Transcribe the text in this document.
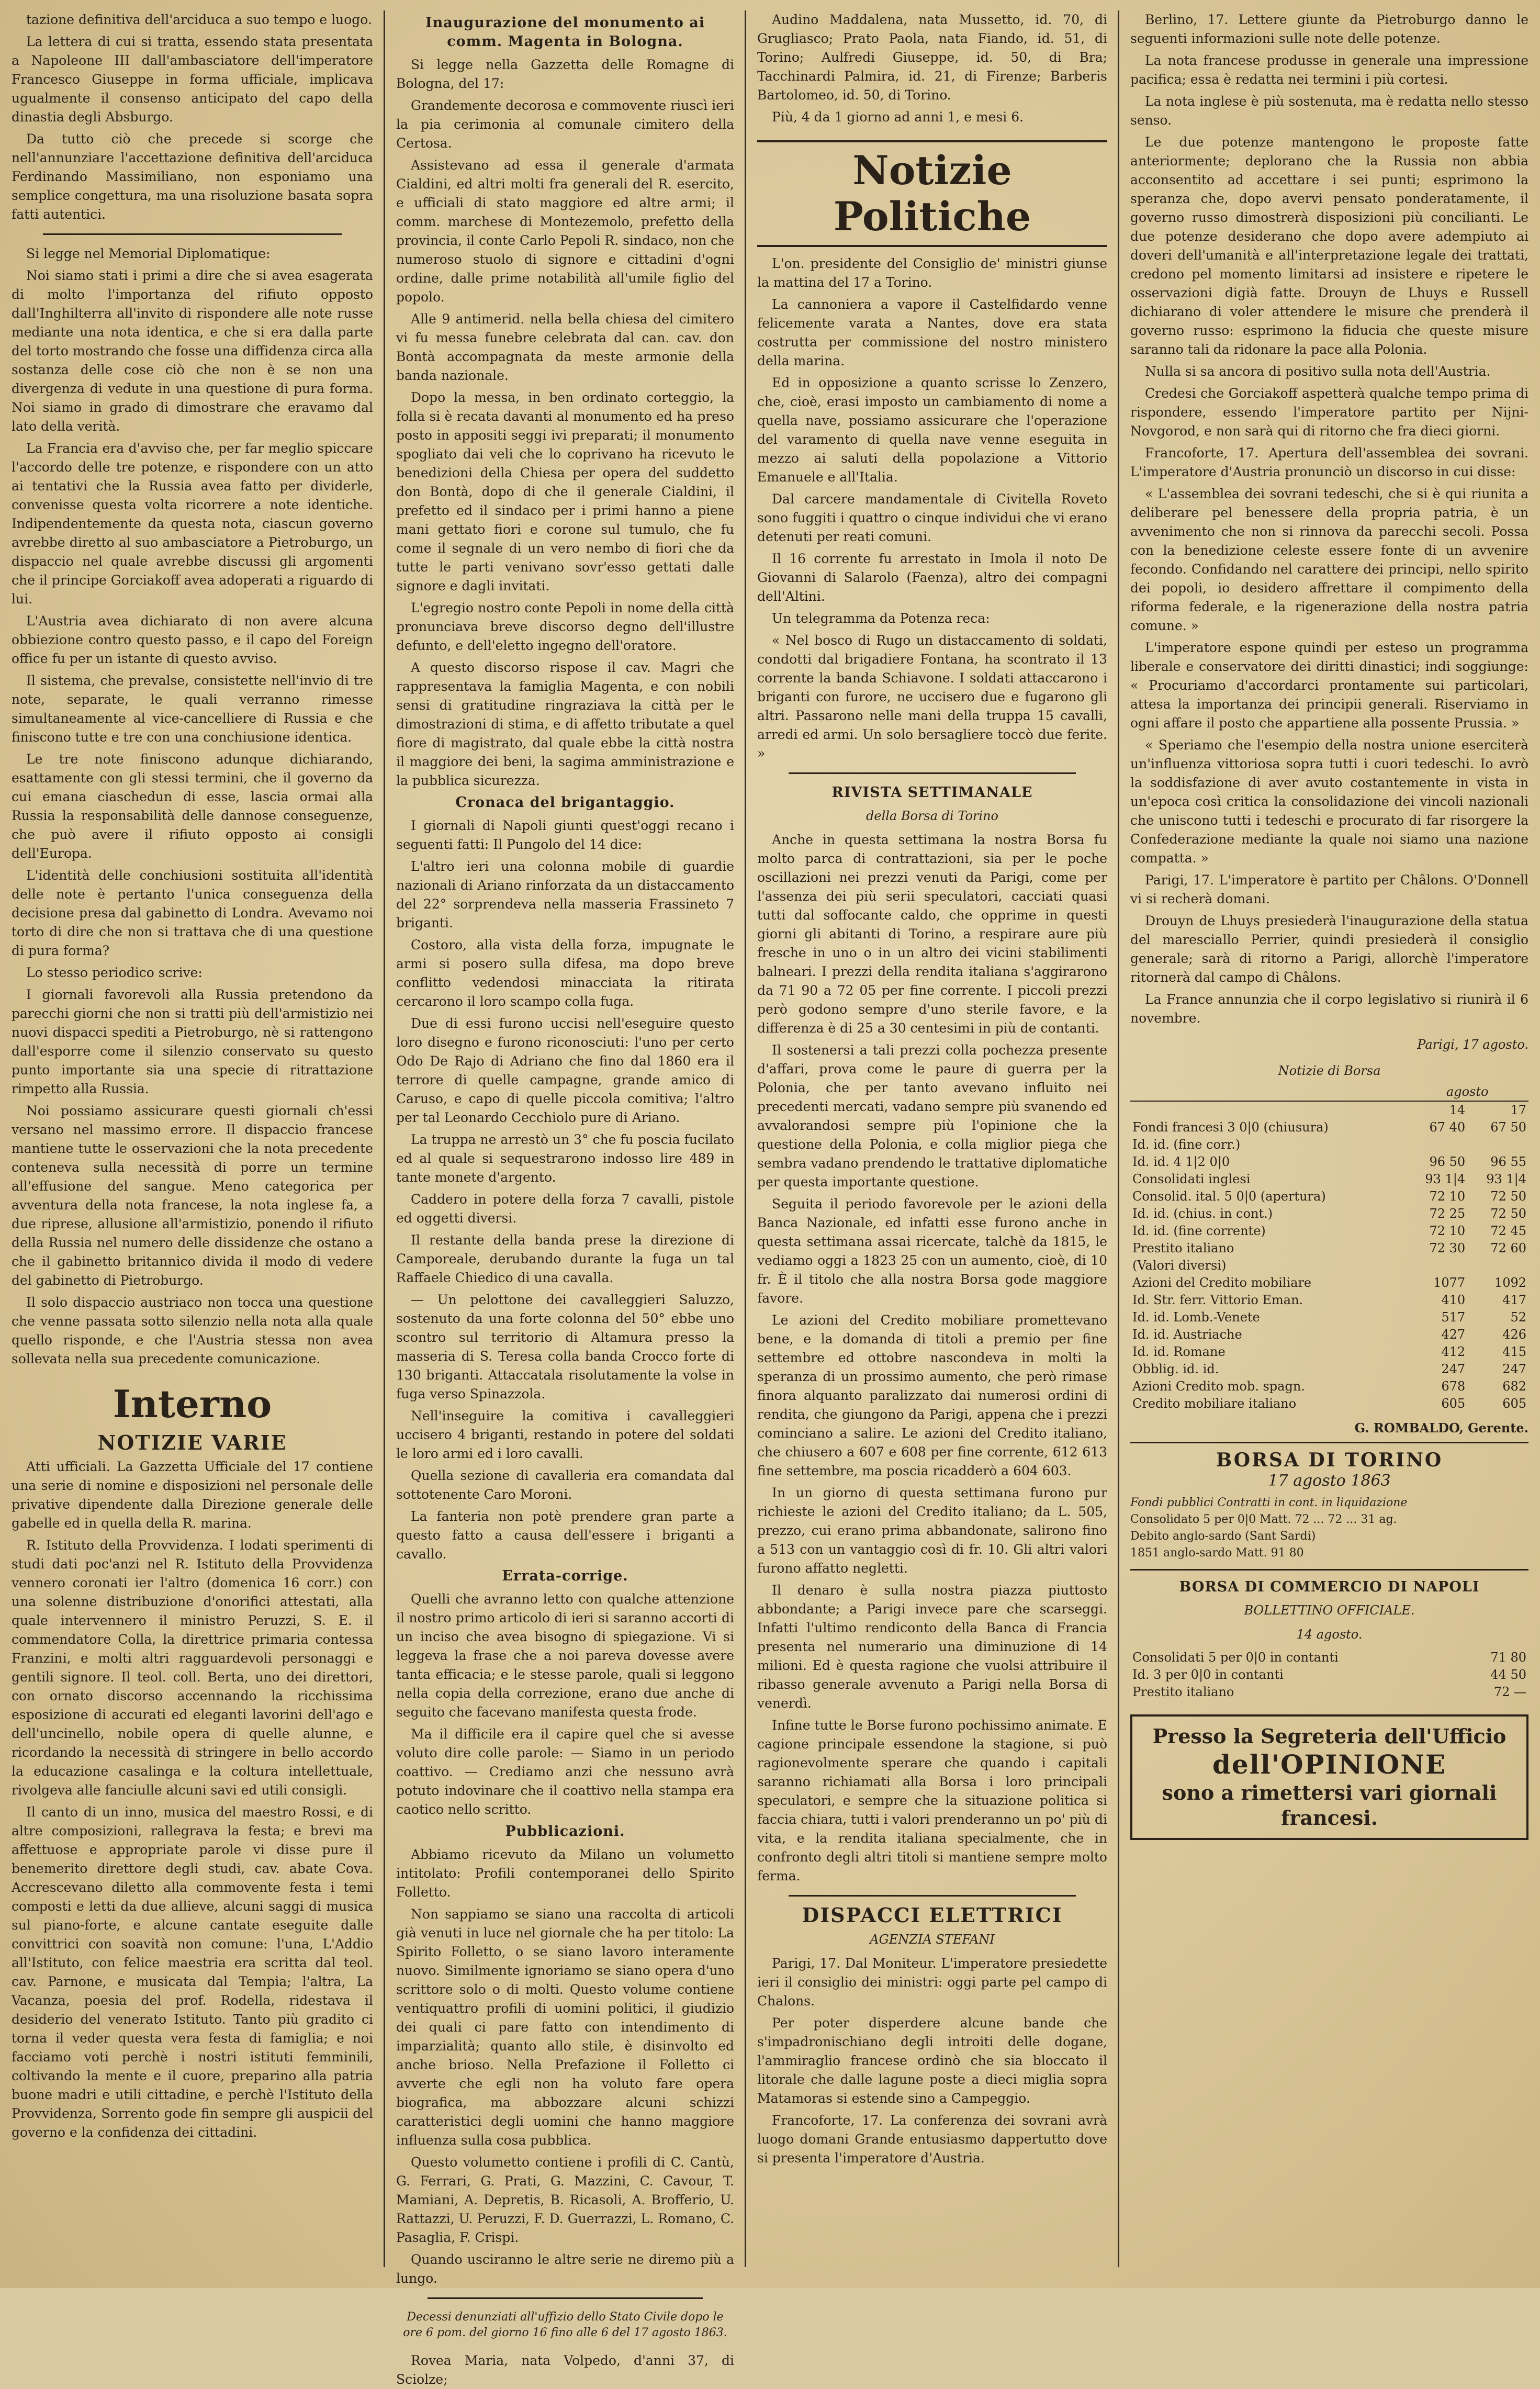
tazione definitiva dell'arciduca a suo tempo e luogo.

La lettera di cui si tratta, essendo stata presentata a Napoleone III dall'ambasciatore dell'imperatore Francesco Giuseppe in forma ufficiale, implicava ugualmente il consenso anticipato del capo della dinastia degli Absburgo.

Da tutto ciò che precede si scorge che nell'annunziare l'accettazione definitiva dell'arciduca Ferdinando Massimiliano, non esponiamo una semplice congettura, ma una risoluzione basata sopra fatti autentici.

Si legge nel Memorial Diplomatique:

Noi siamo stati i primi a dire che si avea esagerata di molto l'importanza del rifiuto opposto dall'Inghilterra all'invito di rispondere alle note russe mediante una nota identica, e che si era dalla parte del torto mostrando che fosse una diffidenza circa alla sostanza delle cose ciò che non è se non una divergenza di vedute in una questione di pura forma. Noi siamo in grado di dimostrare che eravamo dal lato della verità.

La Francia era d'avviso che, per far meglio spiccare l'accordo delle tre potenze, e rispondere con un atto ai tentativi che la Russia avea fatto per dividerle, convenisse questa volta ricorrere a note identiche. Indipendentemente da questa nota, ciascun governo avrebbe diretto al suo ambasciatore a Pietroburgo, un dispaccio nel quale avrebbe discussi gli argomenti che il principe Gorciakoff avea adoperati a riguardo di lui.

L'Austria avea dichiarato di non avere alcuna obbiezione contro questo passo, e il capo del Foreign office fu per un istante di questo avviso.

Il sistema, che prevalse, consistette nell'invio di tre note, separate, le quali verranno rimesse simultaneamente al vice-cancelliere di Russia e che finiscono tutte e tre con una conchiusione identica.

Le tre note finiscono adunque dichiarando, esattamente con gli stessi termini, che il governo da cui emana ciaschedun di esse, lascia ormai alla Russia la responsabilità delle dannose conseguenze, che può avere il rifiuto opposto ai consigli dell'Europa.

L'identità delle conchiusioni sostituita all'identità delle note è pertanto l'unica conseguenza della decisione presa dal gabinetto di Londra. Avevamo noi torto di dire che non si trattava che di una questione di pura forma?

Lo stesso periodico scrive:

I giornali favorevoli alla Russia pretendono da parecchi giorni che non si tratti più dell'armistizio nei nuovi dispacci spediti a Pietroburgo, nè si rattengono dall'esporre come il silenzio conservato su questo punto importante sia una specie di ritrattazione rimpetto alla Russia.

Noi possiamo assicurare questi giornali ch'essi versano nel massimo errore. Il dispaccio francese mantiene tutte le osservazioni che la nota precedente conteneva sulla necessità di porre un termine all'effusione del sangue. Meno categorica per avventura della nota francese, la nota inglese fa, a due riprese, allusione all'armistizio, ponendo il rifiuto della Russia nel numero delle dissidenze che ostano a che il gabinetto britannico divida il modo di vedere del gabinetto di Pietroburgo.

Il solo dispaccio austriaco non tocca una questione che venne passata sotto silenzio nella nota alla quale quello risponde, e che l'Austria stessa non avea sollevata nella sua precedente comunicazione.

Interno
NOTIZIE VARIE

Atti ufficiali. La Gazzetta Ufficiale del 17 contiene una serie di nomine e disposizioni nel personale delle privative dipendente dalla Direzione generale delle gabelle ed in quella della R. marina.

R. Istituto della Provvidenza. I lodati sperimenti di studi dati poc'anzi nel R. Istituto della Provvidenza vennero coronati ier l'altro (domenica 16 corr.) con una solenne distribuzione d'onorifici attestati, alla quale intervennero il ministro Peruzzi, S. E. il commendatore Colla, la direttrice primaria contessa Franzini, e molti altri ragguardevoli personaggi e gentili signore. Il teol. coll. Berta, uno dei direttori, con ornato discorso accennando la ricchissima esposizione di accurati ed eleganti lavorini dell'ago e dell'uncinello, nobile opera di quelle alunne, e ricordando la necessità di stringere in bello accordo la educazione casalinga e la coltura intellettuale, rivolgeva alle fanciulle alcuni savi ed utili consigli.

Il canto di un inno, musica del maestro Rossi, e di altre composizioni, rallegrava la festa; e brevi ma affettuose e appropriate parole vi disse pure il benemerito direttore degli studi, cav. abate Cova. Accrescevano diletto alla commovente festa i temi composti e letti da due allieve, alcuni saggi di musica sul piano-forte, e alcune cantate eseguite dalle convittrici con soavità non comune: l'una, L'Addio all'Istituto, con felice maestria era scritta dal teol. cav. Parnone, e musicata dal Tempia; l'altra, La Vacanza, poesia del prof. Rodella, ridestava il desiderio del venerato Istituto. Tanto più gradito ci torna il veder questa vera festa di famiglia; e noi facciamo voti perchè i nostri istituti femminili, coltivando la mente e il cuore, preparino alla patria buone madri e utili cittadine, e perchè l'Istituto della Provvidenza, Sorrento gode fin sempre gli auspicii del governo e la confidenza dei cittadini.

Inaugurazione del monumento ai comm. Magenta in Bologna.

Si legge nella Gazzetta delle Romagne di Bologna, del 17:

Grandemente decorosa e commovente riuscì ieri la pia cerimonia al comunale cimitero della Certosa.

Assistevano ad essa il generale d'armata Cialdini, ed altri molti fra generali del R. esercito, e ufficiali di stato maggiore ed altre armi; il comm. marchese di Montezemolo, prefetto della provincia, il conte Carlo Pepoli R. sindaco, non che numeroso stuolo di signore e cittadini d'ogni ordine, dalle prime notabilità all'umile figlio del popolo.

Alle 9 antimerid. nella bella chiesa del cimitero vi fu messa funebre celebrata dal can. cav. don Bontà accompagnata da meste armonie della banda nazionale.

Dopo la messa, in ben ordinato corteggio, la folla si è recata davanti al monumento ed ha preso posto in appositi seggi ivi preparati; il monumento spogliato dai veli che lo coprivano ha ricevuto le benedizioni della Chiesa per opera del suddetto don Bontà, dopo di che il generale Cialdini, il prefetto ed il sindaco per i primi hanno a piene mani gettato fiori e corone sul tumulo, che fu come il segnale di un vero nembo di fiori che da tutte le parti venivano sovr'esso gettati dalle signore e dagli invitati.

L'egregio nostro conte Pepoli in nome della città pronunciava breve discorso degno dell'illustre defunto, e dell'eletto ingegno dell'oratore.

A questo discorso rispose il cav. Magri che rappresentava la famiglia Magenta, e con nobili sensi di gratitudine ringraziava la città per le dimostrazioni di stima, e di affetto tributate a quel fiore di magistrato, dal quale ebbe la città nostra il maggiore dei beni, la sagima amministrazione e la pubblica sicurezza.

Cronaca del brigantaggio.

I giornali di Napoli giunti quest'oggi recano i seguenti fatti: Il Pungolo del 14 dice:

L'altro ieri una colonna mobile di guardie nazionali di Ariano rinforzata da un distaccamento del 22° sorprendeva nella masseria Frassineto 7 briganti.

Costoro, alla vista della forza, impugnate le armi si posero sulla difesa, ma dopo breve conflitto vedendosi minacciata la ritirata cercarono il loro scampo colla fuga.

Due di essi furono uccisi nell'eseguire questo loro disegno e furono riconosciuti: l'uno per certo Odo De Rajo di Adriano che fino dal 1860 era il terrore di quelle campagne, grande amico di Caruso, e capo di quelle piccola comitiva; l'altro per tal Leonardo Cecchiolo pure di Ariano.

La truppa ne arrestò un 3° che fu poscia fucilato ed al quale si sequestrarono indosso lire 489 in tante monete d'argento.

Caddero in potere della forza 7 cavalli, pistole ed oggetti diversi.

Il restante della banda prese la direzione di Camporeale, derubando durante la fuga un tal Raffaele Chiedico di una cavalla.

— Un pelottone dei cavalleggieri Saluzzo, sostenuto da una forte colonna del 50° ebbe uno scontro sul territorio di Altamura presso la masseria di S. Teresa colla banda Crocco forte di 130 briganti. Attaccatala risolutamente la volse in fuga verso Spinazzola.

Nell'inseguire la comitiva i cavalleggieri uccisero 4 briganti, restando in potere del soldati le loro armi ed i loro cavalli.

Quella sezione di cavalleria era comandata dal sottotenente Caro Moroni.

La fanteria non potè prendere gran parte a questo fatto a causa dell'essere i briganti a cavallo.

Errata-corrige.

Quelli che avranno letto con qualche attenzione il nostro primo articolo di ieri si saranno accorti di un inciso che avea bisogno di spiegazione. Vi si leggeva la frase che a noi pareva dovesse avere tanta efficacia; e le stesse parole, quali si leggono nella copia della correzione, erano due anche di seguito che facevano manifesta questa frode.

Ma il difficile era il capire quel che si avesse voluto dire colle parole: — Siamo in un periodo coattivo. — Crediamo anzi che nessuno avrà potuto indovinare che il coattivo nella stampa era caotico nello scritto.

Pubblicazioni.

Abbiamo ricevuto da Milano un volumetto intitolato: Profili contemporanei dello Spirito Folletto.

Non sappiamo se siano una raccolta di articoli già venuti in luce nel giornale che ha per titolo: La Spirito Folletto, o se siano lavoro interamente nuovo. Similmente ignoriamo se siano opera d'uno scrittore solo o di molti. Questo volume contiene ventiquattro profili di uomini politici, il giudizio dei quali ci pare fatto con intendimento di imparzialità; quanto allo stile, è disinvolto ed anche brioso. Nella Prefazione il Folletto ci avverte che egli non ha voluto fare opera biografica, ma abbozzare alcuni schizzi caratteristici degli uomini che hanno maggiore influenza sulla cosa pubblica.

Questo volumetto contiene i profili di C. Cantù, G. Ferrari, G. Prati, G. Mazzini, C. Cavour, T. Mamiani, A. Depretis, B. Ricasoli, A. Brofferio, U. Rattazzi, U. Peruzzi, F. D. Guerrazzi, L. Romano, C. Pasaglia, F. Crispi.

Quando usciranno le altre serie ne diremo più a lungo.

Decessi denunziati all'uffizio dello Stato Civile dopo le ore 6 pom. del giorno 16 fino alle 6 del 17 agosto 1863.

Rovea Maria, nata Volpedo, d'anni 37, di Sciolze;

Audino Maddalena, nata Mussetto, id. 70, di Grugliasco; Prato Paola, nata Fiando, id. 51, di Torino; Aulfredi Giuseppe, id. 50, di Bra; Tacchinardi Palmira, id. 21, di Firenze; Barberis Bartolomeo, id. 50, di Torino.

Più, 4 da 1 giorno ad anni 1, e mesi 6.

Notizie Politiche

L'on. presidente del Consiglio de' ministri giunse la mattina del 17 a Torino.

La cannoniera a vapore il Castelfidardo venne felicemente varata a Nantes, dove era stata costrutta per commissione del nostro ministero della marina.

Ed in opposizione a quanto scrisse lo Zenzero, che, cioè, erasi imposto un cambiamento di nome a quella nave, possiamo assicurare che l'operazione del varamento di quella nave venne eseguita in mezzo ai saluti della popolazione a Vittorio Emanuele e all'Italia.

Dal carcere mandamentale di Civitella Roveto sono fuggiti i quattro o cinque individui che vi erano detenuti per reati comuni.

Il 16 corrente fu arrestato in Imola il noto De Giovanni di Salarolo (Faenza), altro dei compagni dell'Altini.

Un telegramma da Potenza reca:

« Nel bosco di Rugo un distaccamento di soldati, condotti dal brigadiere Fontana, ha scontrato il 13 corrente la banda Schiavone. I soldati attaccarono i briganti con furore, ne uccisero due e fugarono gli altri. Passarono nelle mani della truppa 15 cavalli, arredi ed armi. Un solo bersagliere toccò due ferite. »

RIVISTA SETTIMANALE
della Borsa di Torino

Anche in questa settimana la nostra Borsa fu molto parca di contrattazioni, sia per le poche oscillazioni nei prezzi venuti da Parigi, come per l'assenza dei più serii speculatori, cacciati quasi tutti dal soffocante caldo, che opprime in questi giorni gli abitanti di Torino, a respirare aure più fresche in uno o in un altro dei vicini stabilimenti balneari. I prezzi della rendita italiana s'aggirarono da 71 90 a 72 05 per fine corrente. I piccoli prezzi però godono sempre d'uno sterile favore, e la differenza è di 25 a 30 centesimi in più de contanti.

Il sostenersi a tali prezzi colla pochezza presente d'affari, prova come le paure di guerra per la Polonia, che per tanto avevano influito nei precedenti mercati, vadano sempre più svanendo ed avvalorandosi sempre più l'opinione che la questione della Polonia, e colla miglior piega che sembra vadano prendendo le trattative diplomatiche per questa importante questione.

Seguita il periodo favorevole per le azioni della Banca Nazionale, ed infatti esse furono anche in questa settimana assai ricercate, talchè da 1815, le vediamo oggi a 1823 25 con un aumento, cioè, di 10 fr. È il titolo che alla nostra Borsa gode maggiore favore.

Le azioni del Credito mobiliare promettevano bene, e la domanda di titoli a premio per fine settembre ed ottobre nascondeva in molti la speranza di un prossimo aumento, che però rimase finora alquanto paralizzato dai numerosi ordini di rendita, che giungono da Parigi, appena che i prezzi cominciano a salire. Le azioni del Credito italiano, che chiusero a 607 e 608 per fine corrente, 612 613 fine settembre, ma poscia ricadderò a 604 603.

In un giorno di questa settimana furono pur richieste le azioni del Credito italiano; da L. 505, prezzo, cui erano prima abbandonate, salirono fino a 513 con un vantaggio così di fr. 10. Gli altri valori furono affatto negletti.

Il denaro è sulla nostra piazza piuttosto abbondante; a Parigi invece pare che scarseggi. Infatti l'ultimo rendiconto della Banca di Francia presenta nel numerario una diminuzione di 14 milioni. Ed è questa ragione che vuolsi attribuire il ribasso generale avvenuto a Parigi nella Borsa di venerdì.

Infine tutte le Borse furono pochissimo animate. E cagione principale essendone la stagione, si può ragionevolmente sperare che quando i capitali saranno richiamati alla Borsa i loro principali speculatori, e sempre che la situazione politica si faccia chiara, tutti i valori prenderanno un po' più di vita, e la rendita italiana specialmente, che in confronto degli altri titoli si mantiene sempre molto ferma.

DISPACCI ELETTRICI
AGENZIA STEFANI

Parigi, 17. Dal Moniteur. L'imperatore presiedette ieri il consiglio dei ministri: oggi parte pel campo di Chalons.

Per poter disperdere alcune bande che s'impadronischiano degli introiti delle dogane, l'ammiraglio francese ordinò che sia bloccato il litorale che dalle lagune poste a dieci miglia sopra Matamoras si estende sino a Campeggio.

Francoforte, 17. La conferenza dei sovrani avrà luogo domani Grande entusiasmo dappertutto dove si presenta l'imperatore d'Austria.

Berlino, 17. Lettere giunte da Pietroburgo danno le seguenti informazioni sulle note delle potenze.

La nota francese produsse in generale una impressione pacifica; essa è redatta nei termini i più cortesi.

La nota inglese è più sostenuta, ma è redatta nello stesso senso.

Le due potenze mantengono le proposte fatte anteriormente; deplorano che la Russia non abbia acconsentito ad accettare i sei punti; esprimono la speranza che, dopo avervi pensato ponderatamente, il governo russo dimostrerà disposizioni più concilianti. Le due potenze desiderano che dopo avere adempiuto ai doveri dell'umanità e all'interpretazione legale dei trattati, credono pel momento limitarsi ad insistere e ripetere le osservazioni digià fatte. Drouyn de Lhuys e Russell dichiarano di voler attendere le misure che prenderà il governo russo: esprimono la fiducia che queste misure saranno tali da ridonare la pace alla Polonia.

Nulla si sa ancora di positivo sulla nota dell'Austria.

Credesi che Gorciakoff aspetterà qualche tempo prima di rispondere, essendo l'imperatore partito per Nijni-Novgorod, e non sarà qui di ritorno che fra dieci giorni.

Francoforte, 17. Apertura dell'assemblea dei sovrani. L'imperatore d'Austria pronunciò un discorso in cui disse:

« L'assemblea dei sovrani tedeschi, che si è qui riunita a deliberare pel benessere della propria patria, è un avvenimento che non si rinnova da parecchi secoli. Possa con la benedizione celeste essere fonte di un avvenire fecondo. Confidando nel carattere dei principi, nello spirito dei popoli, io desidero affrettare il compimento della riforma federale, e la rigenerazione della nostra patria comune. »

L'imperatore espone quindi per esteso un programma liberale e conservatore dei diritti dinastici; indi soggiunge: « Procuriamo d'accordarci prontamente sui particolari, attesa la importanza dei principii generali. Riserviamo in ogni affare il posto che appartiene alla possente Prussia. »

« Speriamo che l'esempio della nostra unione eserciterà un'influenza vittoriosa sopra tutti i cuori tedeschi. Io avrò la soddisfazione di aver avuto costantemente in vista in un'epoca così critica la consolidazione dei vincoli nazionali che uniscono tutti i tedeschi e procurato di far risorgere la Confederazione mediante la quale noi siamo una nazione compatta. »

Parigi, 17. L'imperatore è partito per Châlons. O'Donnell vi si recherà domani.

Drouyn de Lhuys presiederà l'inaugurazione della statua del maresciallo Perrier, quindi presiederà il consiglio generale; sarà di ritorno a Parigi, allorchè l'imperatore ritornerà dal campo di Châlons.

La France annunzia che il corpo legislativo si riunirà il 6 novembre.

Parigi, 17 agosto.
Notizie di Borsa
	agosto	
	14	17
Fondi francesi 3 0|0 (chiusura)	67 40	67 50
Id. id. (fine corr.)		
Id. id. 4 1|2 0|0	96 50	96 55
Consolidati inglesi	93 1|4	93 1|4
Consolid. ital. 5 0|0 (apertura)	72 10	72 50
Id. id. (chius. in cont.)	72 25	72 50
Id. id. (fine corrente)	72 10	72 45
Prestito italiano	72 30	72 60
(Valori diversi)		
Azioni del Credito mobiliare	1077	1092
Id. Str. ferr. Vittorio Eman.	410	417
Id. id. Lomb.-Venete	517	52
Id. id. Austriache	427	426
Id. id. Romane	412	415
Obblig. id. id.	247	247
Azioni Credito mob. spagn.	678	682
Credito mobiliare italiano	605	605
G. ROMBALDO, Gerente.
BORSA DI TORINO
17 agosto 1863
Fondi pubblici Contratti in cont. in liquidazione
Consolidato 5 per 0|0 Matt. 72 ... 72 ... 31 ag.
Debito anglo-sardo (Sant Sardi)
1851 anglo-sardo Matt. 91 80
BORSA DI COMMERCIO DI NAPOLI
BOLLETTINO OFFICIALE.
14 agosto.
Consolidati 5 per 0|0 in contanti	71 80
Id. 3 per 0|0 in contanti	44 50
Prestito italiano	72 —
Presso la Segreteria dell'Ufficio
dell'OPINIONE
sono a rimettersi vari giornali francesi.
